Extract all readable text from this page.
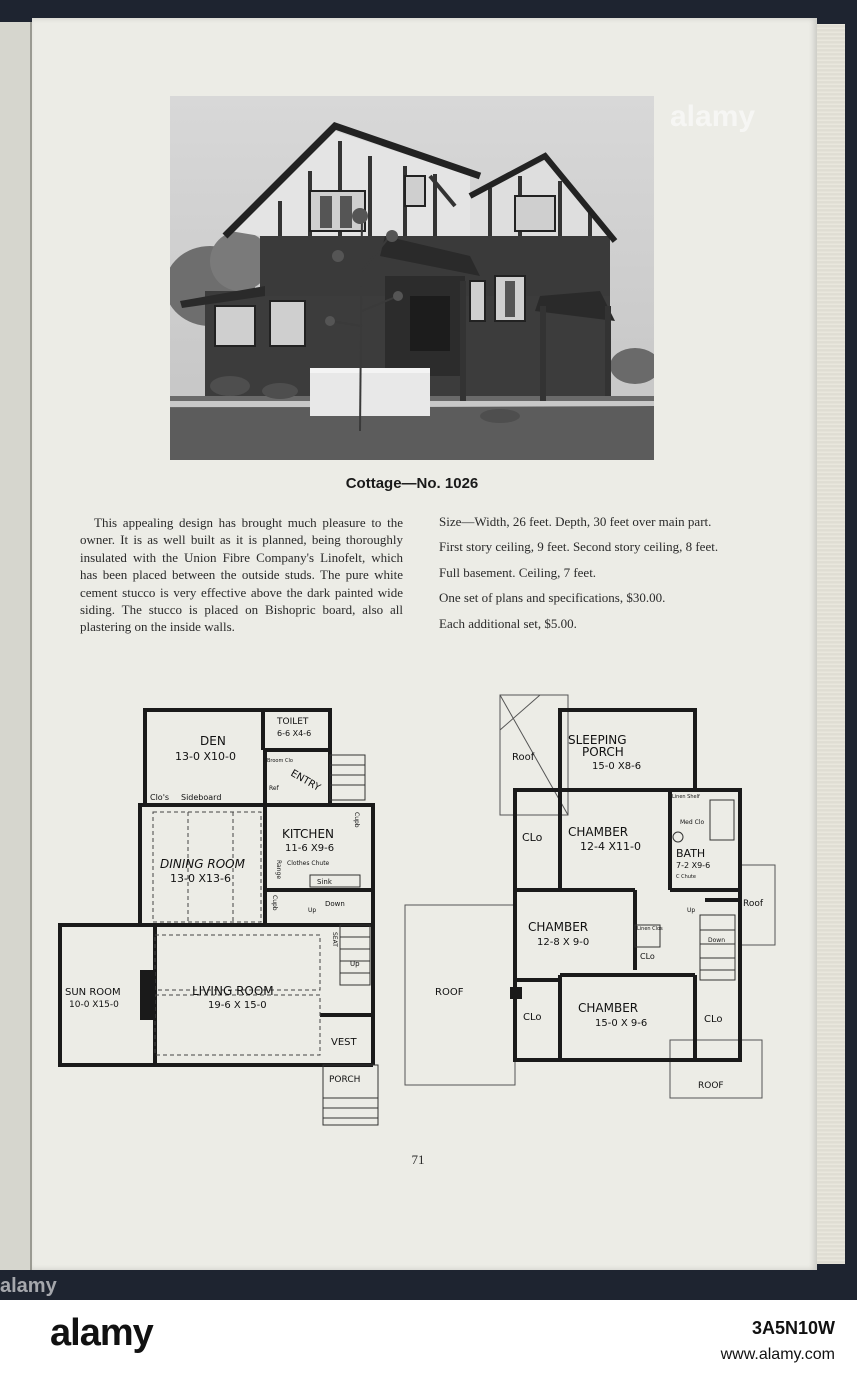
alamy
Cottage—No. 1026

This appealing design has brought much pleasure to the owner. It is as well built as it is planned, being thoroughly insulated with the Union Fibre Company's Linofelt, which has been placed between the outside studs. The pure white cement stucco is very effective above the dark painted wide siding. The stucco is placed on Bishopric board, also all plastering on the inside walls.

Size—Width, 26 feet. Depth, 30 feet over main part.

First story ceiling, 9 feet. Second story ceiling, 8 feet.

Full basement. Ceiling, 7 feet.

One set of plans and specifications, $30.00.

Each additional set, $5.00.

DEN
13-0 X10-0
TOILET
6-6 X4-6
Broom Clo
Ref ENTRY
Clo's Sideboard
KITCHEN
11-6 X9-6
Clothes Chute
Sink
Range
Cupb
Cupb	Down
Up
DINING ROOM
13-0 X13-6
SEAT
Up
SUN ROOM
10-0 X15-0
LIVING ROOM
19-6 X 15-0
VEST
PORCH
Roof
SLEEPING
PORCH
15-0 X8-6
Linen Shelf
Med Clo
CLo CHAMBER
12-4 X11-0
BATH
7-2 X9-6
C Chute
Roof
CHAMBER
12-8 X 9-0
Linen Clos
CLo
Down
Up
ROOF
CLo
CHAMBER
15-0 X 9-6	CLo
ROOF
71
alamy
alamy	3A5N10W
www.alamy.com
